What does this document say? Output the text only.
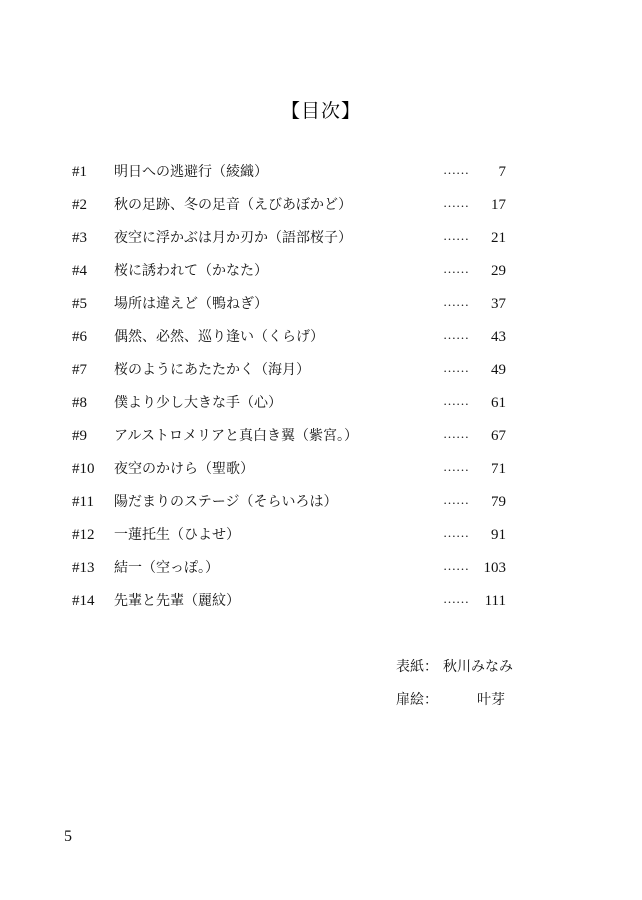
【目次】
#1 明日への逃避行（綾織）	…… 7
#2 秋の足跡、冬の足音（えびあぼかど）	…… 17
#3 夜空に浮かぶは月か刃か（語部桜子）	…… 21
#4 桜に誘われて（かなた）	…… 29
#5 場所は違えど（鴨ねぎ）	…… 37
#6 偶然、必然、巡り逢い（くらげ）	…… 43
#7 桜のようにあたたかく（海月）	…… 49
#8 僕より少し大きな手（心）	…… 61
#9 アルストロメリアと真白き翼（紫宮。）	…… 67
#10 夜空のかけら（聖歌）	…… 71
#11 陽だまりのステージ（そらいろは）	…… 79
#12 一蓮托生（ひよせ）	…… 91
#13 結一（空っぽ。）	…… 103
#14 先輩と先輩（麗紋）	…… 111
表紙： 秋川みなみ
扉絵：	叶芽
5
